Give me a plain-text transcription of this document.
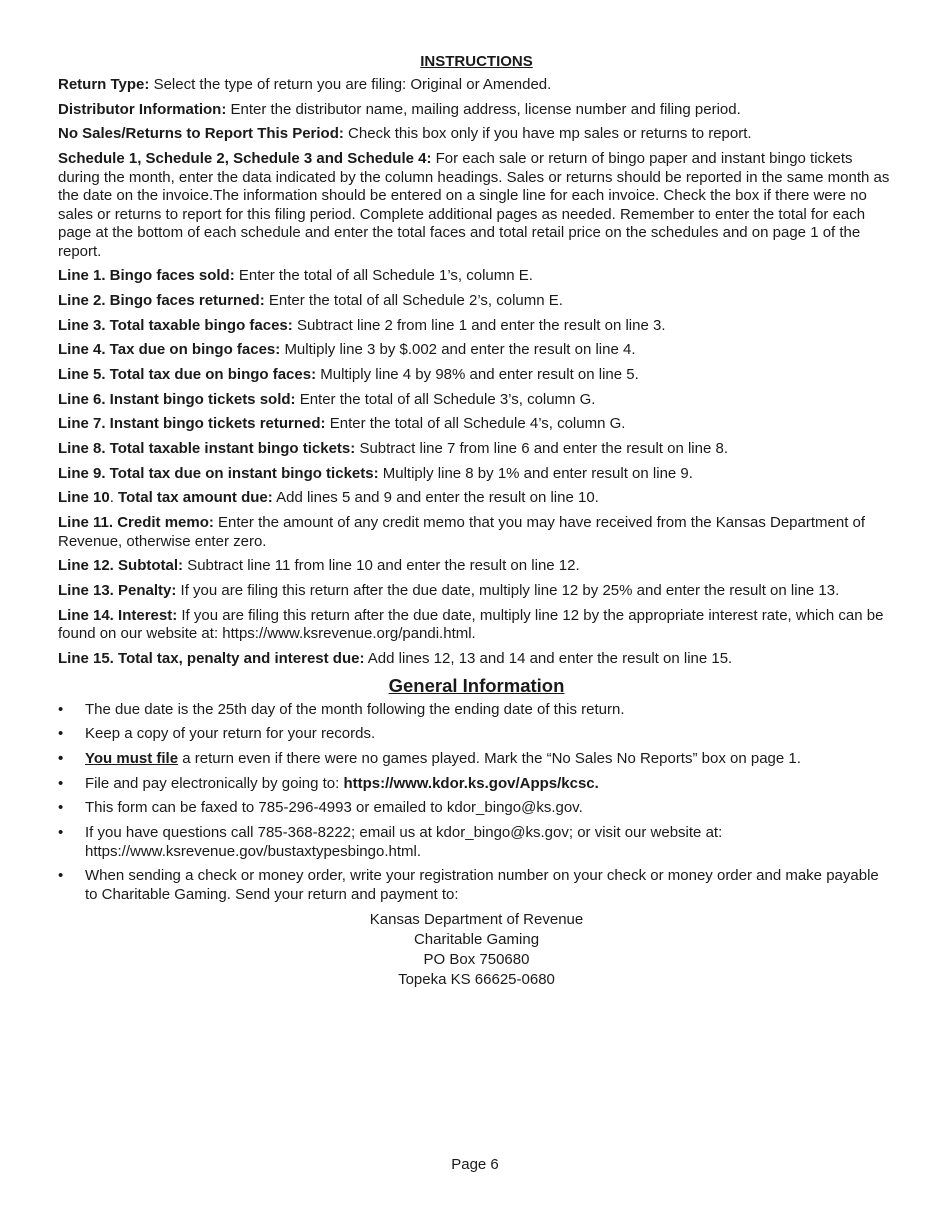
INSTRUCTIONS

Return Type: Select the type of return you are filing: Original or Amended.

Distributor Information: Enter the distributor name, mailing address, license number and filing period.

No Sales/Returns to Report This Period: Check this box only if you have mp sales or returns to report.

Schedule 1, Schedule 2, Schedule 3 and Schedule 4: For each sale or return of bingo paper and instant bingo tickets during the month, enter the data indicated by the column headings. Sales or returns should be reported in the same month as the date on the invoice.The information should be entered on a single line for each invoice. Check the box if there were no sales or returns to report for this filing period. Complete additional pages as needed. Remember to enter the total for each page at the bottom of each schedule and enter the total faces and total retail price on the schedules and on page 1 of the report.

Line 1. Bingo faces sold: Enter the total of all Schedule 1’s, column E.

Line 2. Bingo faces returned: Enter the total of all Schedule 2’s, column E.

Line 3. Total taxable bingo faces: Subtract line 2 from line 1 and enter the result on line 3.

Line 4. Tax due on bingo faces: Multiply line 3 by $.002 and enter the result on line 4.

Line 5. Total tax due on bingo faces: Multiply line 4 by 98% and enter result on line 5.

Line 6. Instant bingo tickets sold: Enter the total of all Schedule 3’s, column G.

Line 7. Instant bingo tickets returned: Enter the total of all Schedule 4’s, column G.

Line 8. Total taxable instant bingo tickets: Subtract line 7 from line 6 and enter the result on line 8.

Line 9. Total tax due on instant bingo tickets: Multiply line 8 by 1% and enter result on line 9.

Line 10. Total tax amount due: Add lines 5 and 9 and enter the result on line 10.

Line 11. Credit memo: Enter the amount of any credit memo that you may have received from the Kansas Department of Revenue, otherwise enter zero.

Line 12. Subtotal: Subtract line 11 from line 10 and enter the result on line 12.

Line 13. Penalty: If you are filing this return after the due date, multiply line 12 by 25% and enter the result on line 13.

Line 14. Interest: If you are filing this return after the due date, multiply line 12 by the appropriate interest rate, which can be found on our website at: https://www.ksrevenue.org/pandi.html.

Line 15. Total tax, penalty and interest due: Add lines 12, 13 and 14 and enter the result on line 15.

General Information
• The due date is the 25th day of the month following the ending date of this return.
• Keep a copy of your return for your records.
• You must file a return even if there were no games played. Mark the “No Sales No Reports” box on page 1.
• File and pay electronically by going to: https://www.kdor.ks.gov/Apps/kcsc.
• This form can be faxed to 785-296-4993 or emailed to kdor_bingo@ks.gov.
• If you have questions call 785-368-8222; email us at kdor_bingo@ks.gov; or visit our website at: https://www.ksrevenue.gov/bustaxtypesbingo.html.
• When sending a check or money order, write your registration number on your check or money order and make payable to Charitable Gaming. Send your return and payment to:
Kansas Department of Revenue
Charitable Gaming
PO Box 750680
Topeka KS 66625-0680
Page 6
